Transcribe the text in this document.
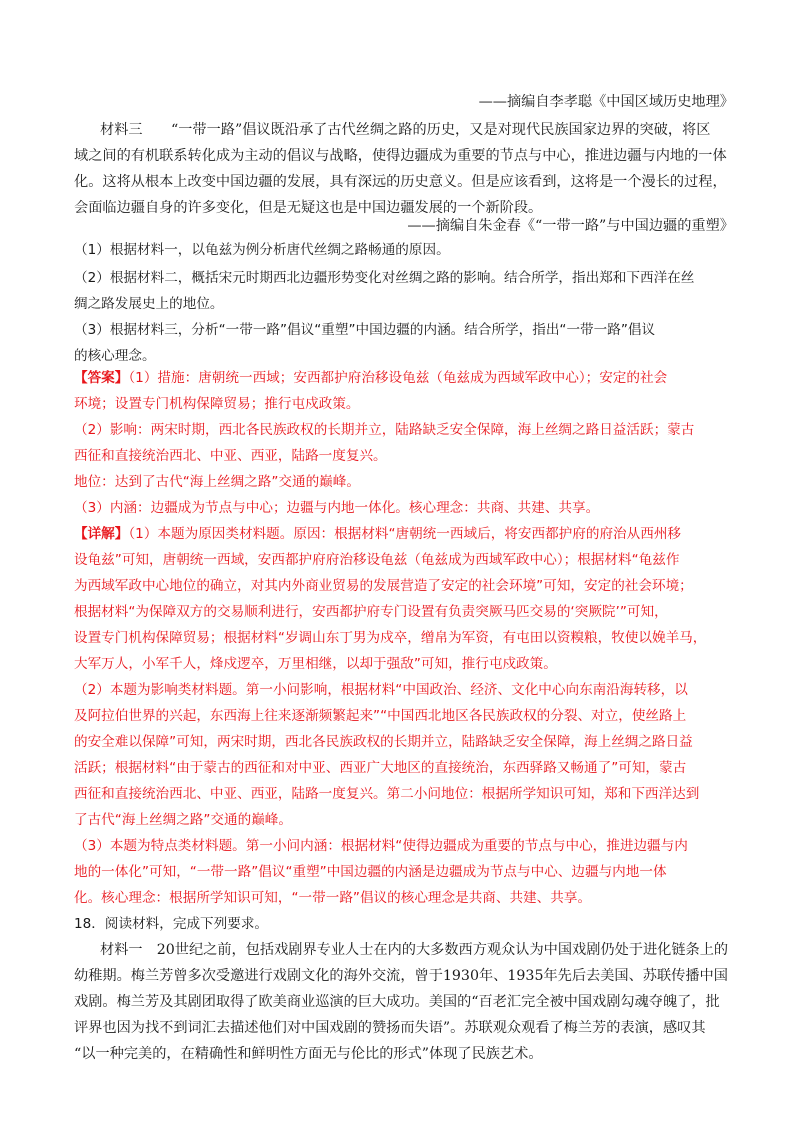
——摘编自李孝聪《中国区域历史地理》
材料三　　“一带一路”倡议既沿承了古代丝绸之路的历史，又是对现代民族国家边界的突破，将区
域之间的有机联系转化成为主动的倡议与战略，使得边疆成为重要的节点与中心，推进边疆与内地的一体
化。这将从根本上改变中国边疆的发展，具有深远的历史意义。但是应该看到，这将是一个漫长的过程，
会面临边疆自身的许多变化，但是无疑这也是中国边疆发展的一个新阶段。
——摘编自朱金春《“一带一路”与中国边疆的重塑》
（1）根据材料一，以龟兹为例分析唐代丝绸之路畅通的原因。
（2）根据材料二，概括宋元时期西北边疆形势变化对丝绸之路的影响。结合所学，指出郑和下西洋在丝
绸之路发展史上的地位。
（3）根据材料三，分析“一带一路”倡议“重塑”中国边疆的内涵。结合所学，指出“一带一路”倡议
的核心理念。
【答案】（1）措施：唐朝统一西域；安西都护府治移设龟兹（龟兹成为西域军政中心）；安定的社会
环境；设置专门机构保障贸易；推行屯戍政策。
（2）影响：两宋时期，西北各民族政权的长期并立，陆路缺乏安全保障，海上丝绸之路日益活跃；蒙古
西征和直接统治西北、中亚、西亚，陆路一度复兴。
地位：达到了古代“海上丝绸之路”交通的巅峰。
（3）内涵：边疆成为节点与中心；边疆与内地一体化。核心理念：共商、共建、共享。
【详解】（1）本题为原因类材料题。原因：根据材料“唐朝统一西域后，将安西都护府的府治从西州移
设龟兹”可知，唐朝统一西域，安西都护府府治移设龟兹（龟兹成为西域军政中心）；根据材料“龟兹作
为西域军政中心地位的确立，对其内外商业贸易的发展营造了安定的社会环境”可知，安定的社会环境；
根据材料“为保障双方的交易顺利进行，安西都护府专门设置有负责突厥马匹交易的‘突厥院’”可知，
设置专门机构保障贸易；根据材料“岁调山东丁男为戍卒，缯帛为军资，有屯田以资糗粮，牧使以娩羊马，
大军万人，小军千人，烽戍逻卒，万里相继，以却于强敌”可知，推行屯戍政策。
（2）本题为影响类材料题。第一小问影响，根据材料“中国政治、经济、文化中心向东南沿海转移，以
及阿拉伯世界的兴起，东西海上往来逐渐频繁起来”“中国西北地区各民族政权的分裂、对立，使丝路上
的安全难以保障”可知，两宋时期，西北各民族政权的长期并立，陆路缺乏安全保障，海上丝绸之路日益
活跃；根据材料“由于蒙古的西征和对中亚、西亚广大地区的直接统治，东西驿路又畅通了”可知，蒙古
西征和直接统治西北、中亚、西亚，陆路一度复兴。第二小问地位：根据所学知识可知，郑和下西洋达到
了古代“海上丝绸之路”交通的巅峰。
（3）本题为特点类材料题。第一小问内涵：根据材料“使得边疆成为重要的节点与中心，推进边疆与内
地的一体化”可知，“一带一路”倡议“重塑”中国边疆的内涵是边疆成为节点与中心、边疆与内地一体
化。核心理念：根据所学知识可知，“一带一路”倡议的核心理念是共商、共建、共享。
18．阅读材料，完成下列要求。
材料一　20世纪之前，包括戏剧界专业人士在内的大多数西方观众认为中国戏剧仍处于进化链条上的
幼稚期。梅兰芳曾多次受邀进行戏剧文化的海外交流，曾于1930年、1935年先后去美国、苏联传播中国
戏剧。梅兰芳及其剧团取得了欧美商业巡演的巨大成功。美国的“百老汇完全被中国戏剧勾魂夺魄了，批
评界也因为找不到词汇去描述他们对中国戏剧的赞扬而失语”。苏联观众观看了梅兰芳的表演，感叹其
“以一种完美的，在精确性和鲜明性方面无与伦比的形式”体现了民族艺术。
